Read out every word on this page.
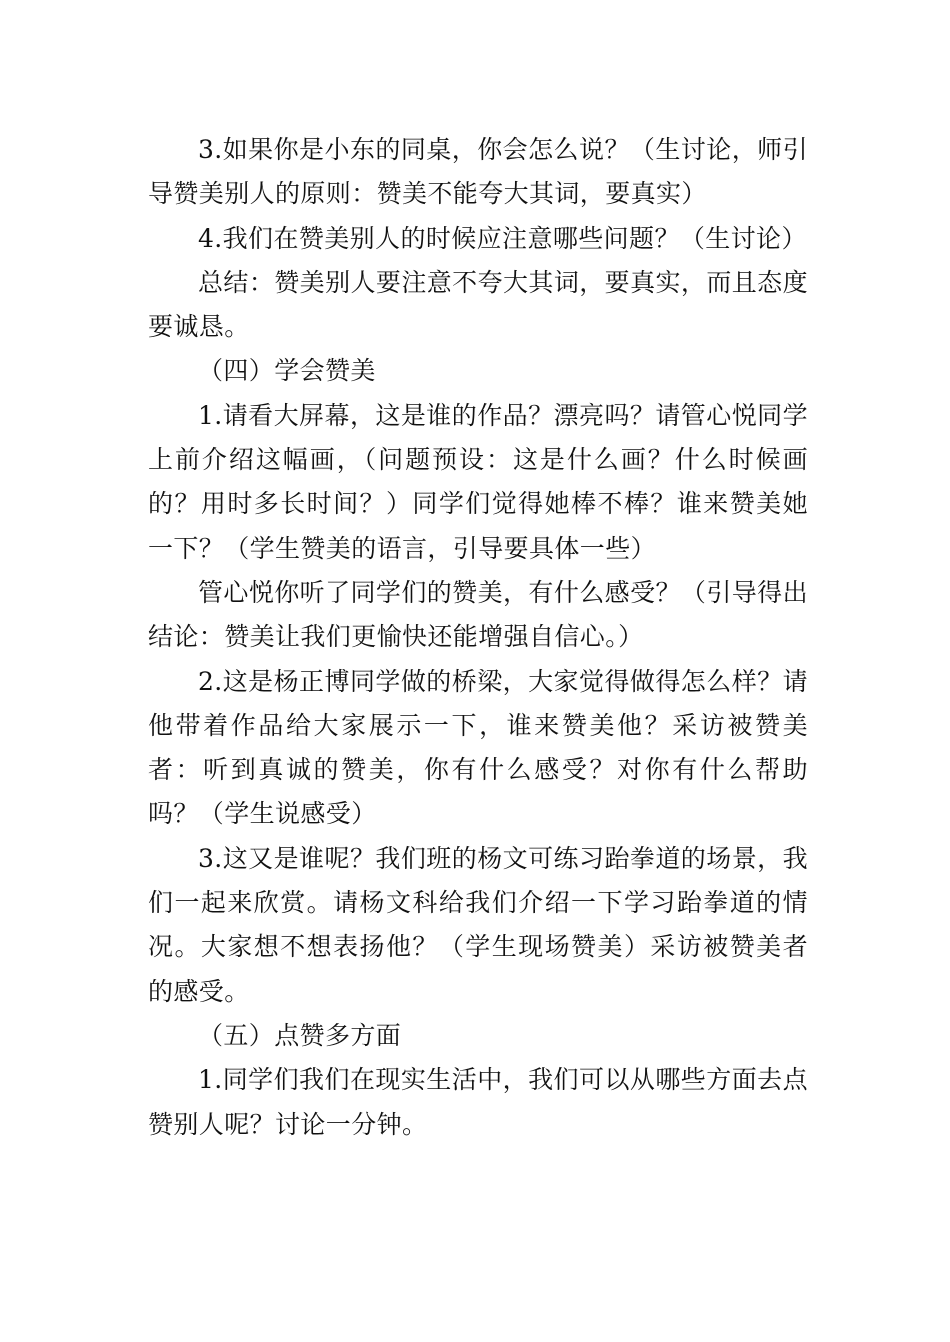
3.如果你是小东的同桌，你会怎么说？（生讨论，师引导赞美别人的原则：赞美不能夸大其词，要真实）

4.我们在赞美别人的时候应注意哪些问题？（生讨论）

总结：赞美别人要注意不夸大其词，要真实，而且态度要诚恳。

（四）学会赞美

1.请看大屏幕，这是谁的作品？漂亮吗？请管心悦同学上前介绍这幅画，（问题预设：这是什么画？什么时候画的？用时多长时间？）同学们觉得她棒不棒？谁来赞美她一下？（学生赞美的语言，引导要具体一些）

管心悦你听了同学们的赞美，有什么感受？（引导得出结论：赞美让我们更愉快还能增强自信心。）

2.这是杨正博同学做的桥梁，大家觉得做得怎么样？请他带着作品给大家展示一下，谁来赞美他？采访被赞美者：听到真诚的赞美，你有什么感受？对你有什么帮助吗？（学生说感受）

3.这又是谁呢？我们班的杨文可练习跆拳道的场景，我们一起来欣赏。请杨文科给我们介绍一下学习跆拳道的情况。大家想不想表扬他？（学生现场赞美）采访被赞美者的感受。

（五）点赞多方面

1.同学们我们在现实生活中，我们可以从哪些方面去点赞别人呢？讨论一分钟。
